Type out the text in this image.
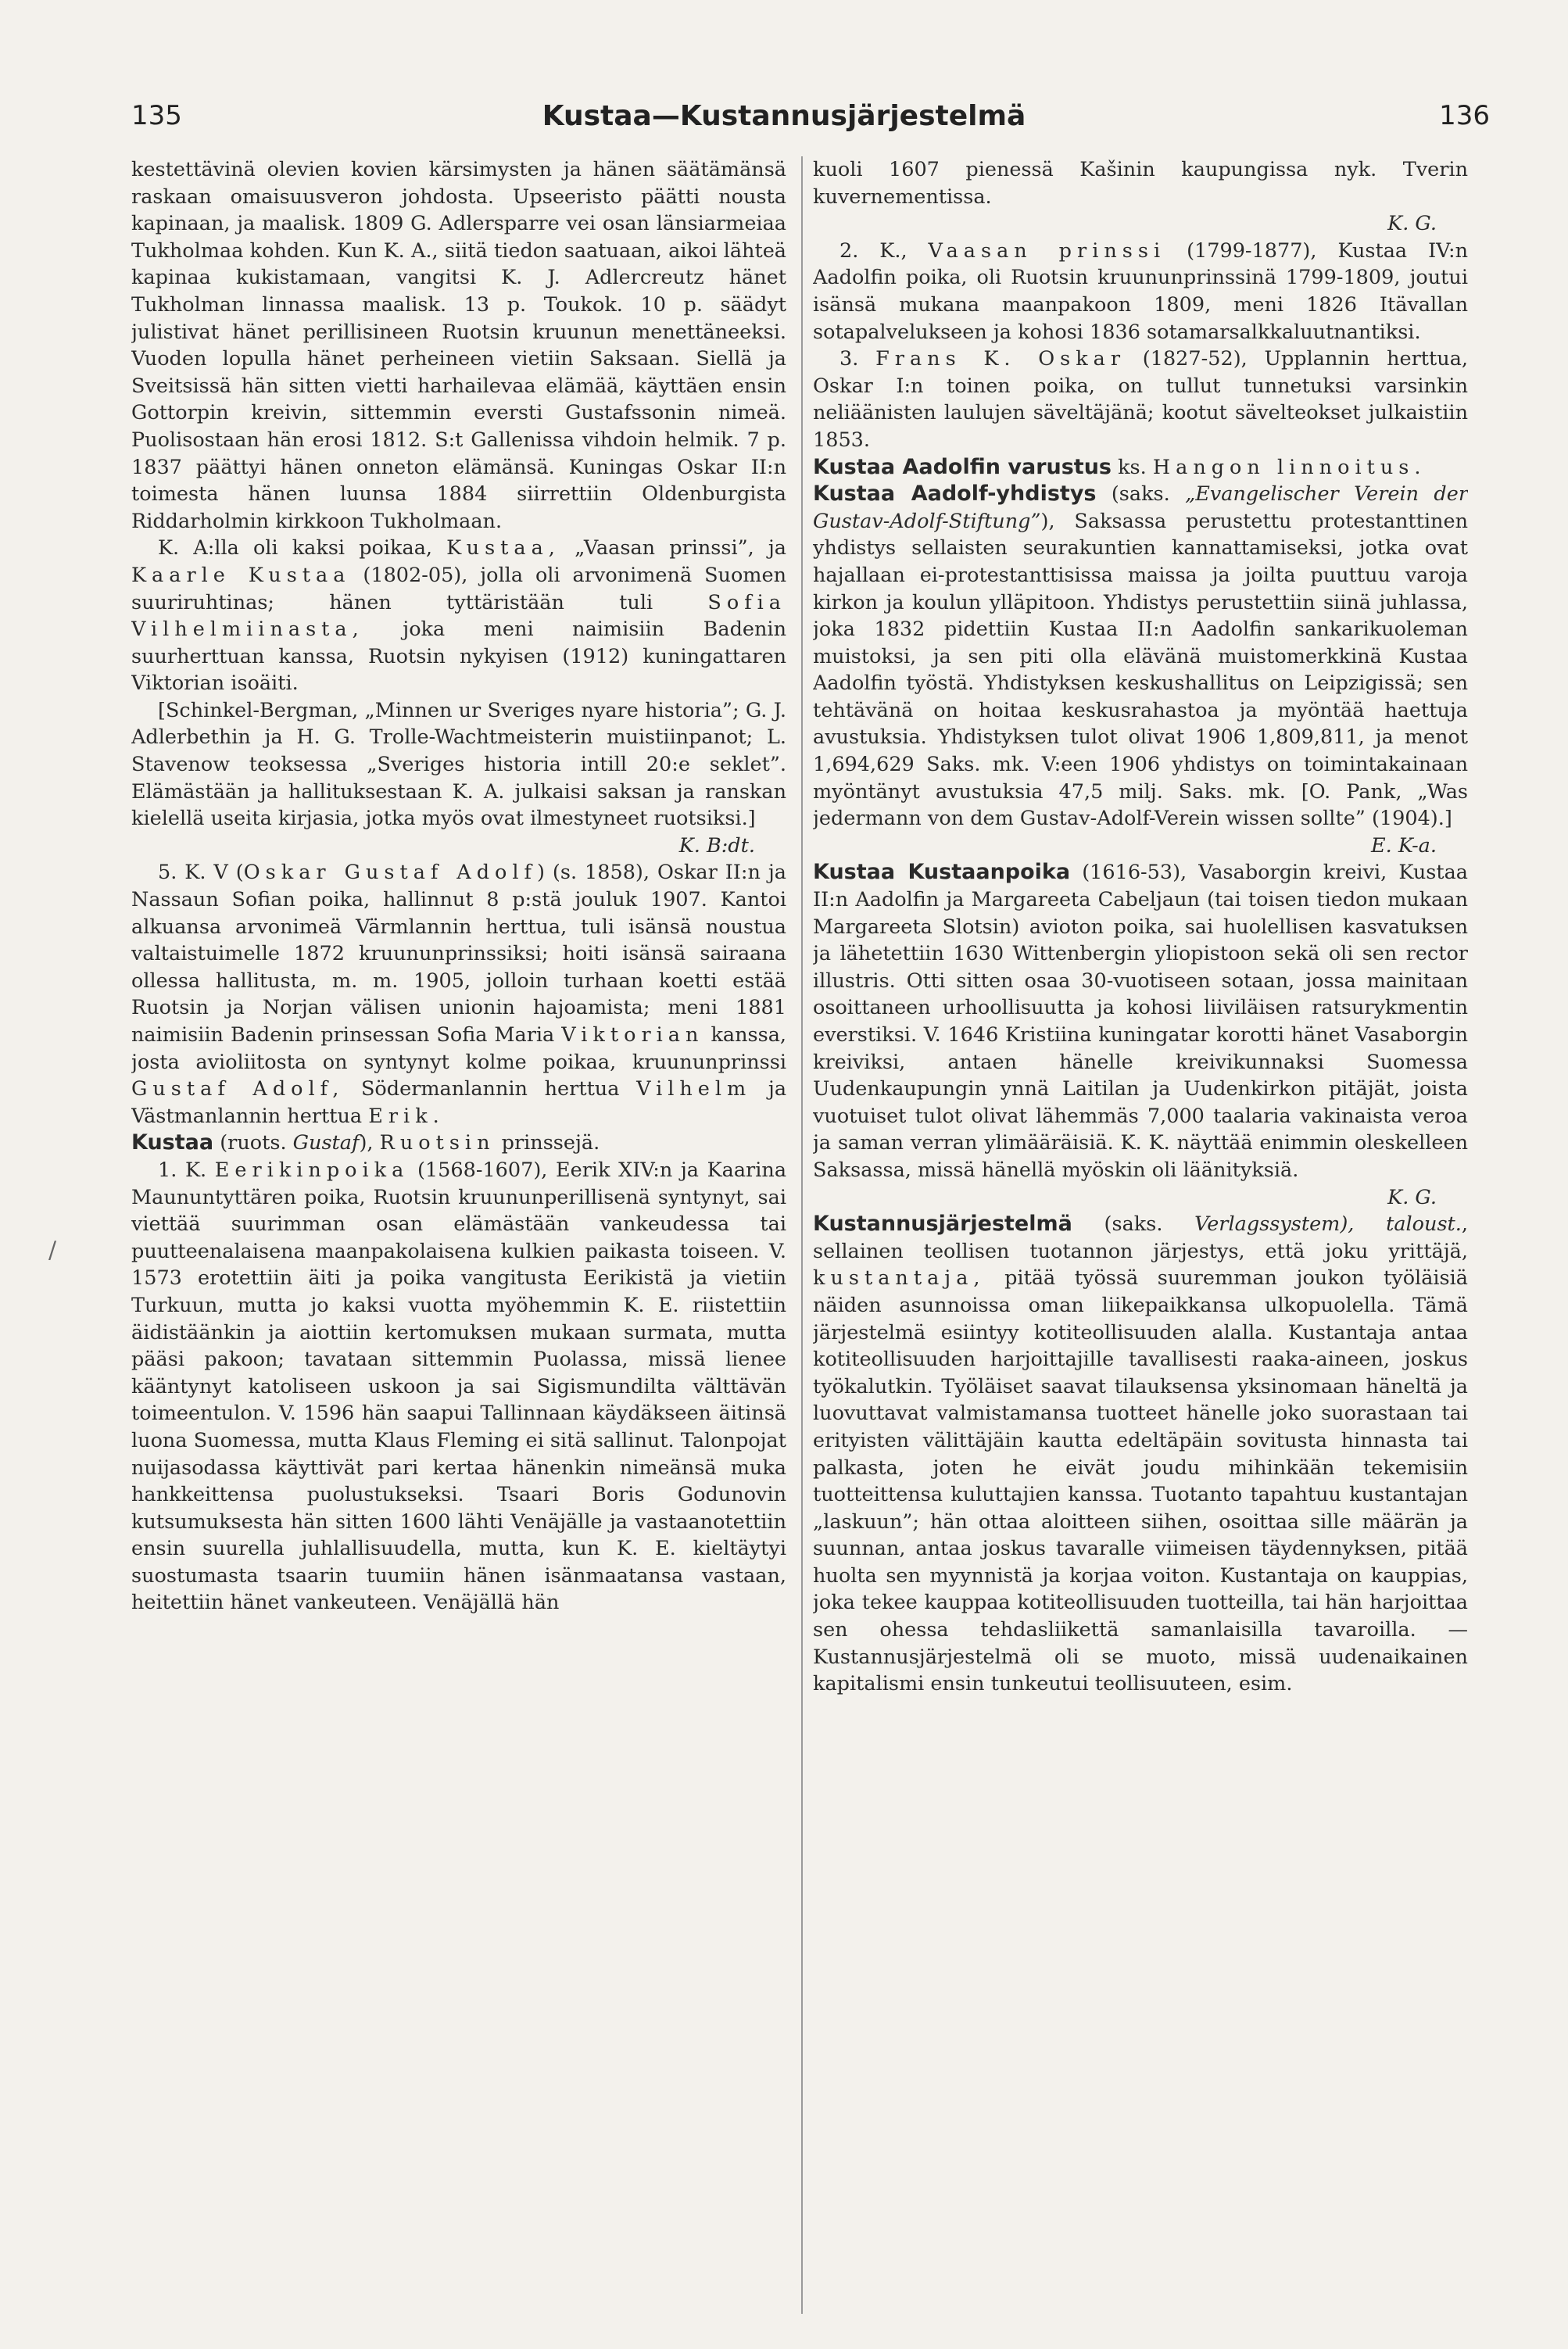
135	Kustaa—Kustannusjärjestelmä	136
/

kestettävinä olevien kovien kärsimysten ja hänen säätämänsä raskaan omaisuusveron johdosta. Upseeristo päätti nousta kapinaan, ja maalisk. 1809 G. Adlersparre vei osan länsiarmeiaa Tukholmaa kohden. Kun K. A., siitä tiedon saatuaan, aikoi lähteä kapinaa kukistamaan, vangitsi K. J. Adlercreutz hänet Tukholman linnassa maalisk. 13 p. Toukok. 10 p. säädyt julistivat hänet perillisineen Ruotsin kruunun menettäneeksi. Vuoden lopulla hänet perheineen vietiin Saksaan. Siellä ja Sveitsissä hän sitten vietti harhailevaa elämää, käyttäen ensin Gottorpin kreivin, sittemmin eversti Gustafssonin nimeä. Puolisostaan hän erosi 1812. S:t Gallenissa vihdoin helmik. 7 p. 1837 päättyi hänen onneton elämänsä. Kuningas Oskar II:n toimesta hänen luunsa 1884 siirrettiin Oldenburgista Riddarholmin kirkkoon Tukholmaan.

K. A:lla oli kaksi poikaa, Kustaa, „Vaasan prinssi”, ja Kaarle Kustaa (1802-05), jolla oli arvonimenä Suomen suuriruhtinas; hänen tyttäristään tuli	Sofia Vilhelmiinasta, joka meni naimisiin Badenin suurherttuan kanssa, Ruotsin nykyisen (1912) kuningattaren Viktorian isoäiti.

[Schinkel-Bergman, „Minnen ur Sveriges nyare historia”; G. J. Adlerbethin ja H. G. Trolle-Wachtmeisterin muistiinpanot; L. Stavenow teoksessa „Sveriges historia intill 20:e seklet”. Elämästään ja hallituksestaan K. A. julkaisi saksan ja ranskan kielellä useita kirjasia, jotka myös ovat ilmestyneet ruotsiksi.]

K. B:dt.

5. K. V (Oskar Gustaf Adolf) (s. 1858), Oskar II:n ja Nassaun Sofian poika, hallinnut 8 p:stä jouluk 1907. Kantoi alkuansa arvonimeä Värmlannin herttua, tuli isänsä noustua valtaistuimelle 1872 kruununprinssiksi; hoiti isänsä sairaana ollessa hallitusta, m. m. 1905, jolloin turhaan koetti estää Ruotsin ja Norjan välisen unionin hajoamista; meni 1881 naimisiin Badenin prinsessan Sofia Maria Viktorian kanssa, josta avioliitosta on syntynyt kolme poikaa, kruununprinssi Gustaf Adolf, Södermanlannin herttua Vilhelm ja Västmanlannin herttua Erik.

Kustaa (ruots. Gustaf), Ruotsin prinssejä.

1. K. Eerikinpoika (1568-1607), Eerik XIV:n ja Kaarina Maununtyttären poika, Ruotsin kruununperillisenä syntynyt, sai viettää suurimman osan elämästään vankeudessa tai puutteenalaisena maanpakolaisena kulkien paikasta toiseen. V. 1573 erotettiin äiti ja poika vangitusta Eerikistä ja vietiin Turkuun, mutta jo kaksi vuotta myöhemmin K. E. riistettiin äidistäänkin ja aiottiin kertomuksen mukaan surmata, mutta pääsi pakoon; tavataan sittemmin Puolassa, missä lienee kääntynyt katoliseen uskoon ja sai Sigismundilta välttävän toimeentulon. V. 1596 hän saapui Tallinnaan käydäkseen äitinsä luona Suomessa, mutta Klaus Fleming ei sitä sallinut. Talonpojat nuijasodassa käyttivät pari kertaa hänenkin nimeänsä muka hankkeittensa puolustukseksi. Tsaari Boris Godunovin kutsumuksesta hän sitten 1600 lähti Venäjälle ja vastaanotettiin ensin suurella juhlallisuudella, mutta, kun K. E. kieltäytyi suostumasta tsaarin tuumiin hänen isänmaatansa vastaan, heitettiin hänet vankeuteen. Venäjällä hän

kuoli 1607 pienessä Kašinin kaupungissa nyk. Tverin kuvernementissa.

K. G.

2. K., Vaasan prinssi (1799-1877), Kustaa IV:n Aadolfin poika, oli Ruotsin kruununprinssinä 1799-1809, joutui isänsä mukana maanpakoon 1809, meni 1826 Itävallan sotapalvelukseen ja kohosi 1836 sotamarsalkkaluutnantiksi.

3. Frans K. Oskar (1827-52), Upplannin herttua, Oskar I:n toinen poika, on tullut tunnetuksi varsinkin neliäänisten laulujen säveltäjänä; kootut sävelteokset julkaistiin 1853.

Kustaa Aadolfin varustus ks. Hangon linnoitus.

Kustaa Aadolf-yhdistys (saks. „Evangelischer Verein der Gustav-Adolf-Stiftung”), Saksassa perustettu protestanttinen yhdistys sellaisten seurakuntien kannattamiseksi, jotka ovat hajallaan ei-protestanttisissa maissa ja joilta puuttuu varoja kirkon ja koulun ylläpitoon. Yhdistys perustettiin siinä juhlassa, joka 1832 pidettiin Kustaa II:n Aadolfin sankarikuoleman muistoksi, ja sen piti olla elävänä muistomerkkinä Kustaa Aadolfin työstä. Yhdistyksen keskushallitus on Leipzigissä; sen tehtävänä on hoitaa keskusrahastoa ja myöntää haettuja avustuksia. Yhdistyksen tulot olivat 1906 1,809,811, ja menot 1,694,629 Saks. mk. V:een 1906 yhdistys on toimintakainaan myöntänyt avustuksia 47,5 milj. Saks. mk. [O. Pank, „Was jedermann von dem Gustav-Adolf-Verein wissen sollte” (1904).]

E. K-a.

Kustaa Kustaanpoika (1616-53), Vasaborgin kreivi, Kustaa II:n Aadolfin ja Margareeta Cabeljaun (tai toisen tiedon mukaan Margareeta Slotsin) avioton poika, sai huolellisen kasvatuksen ja lähetettiin 1630 Wittenbergin yliopistoon sekä oli sen rector illustris. Otti sitten osaa 30-vuotiseen sotaan, jossa mainitaan osoittaneen urhoollisuutta ja kohosi liiviläisen ratsurykmentin everstiksi. V. 1646 Kristiina kuningatar korotti hänet Vasaborgin kreiviksi, antaen hänelle kreivikunnaksi Suomessa Uudenkaupungin ynnä Laitilan ja Uudenkirkon pitäjät, joista vuotuiset tulot olivat lähemmäs 7,000 taalaria vakinaista veroa ja saman verran ylimääräisiä. K. K. näyttää enimmin oleskelleen Saksassa, missä hänellä myöskin oli läänityksiä.

K. G.

Kustannusjärjestelmä (saks. Verlagssystem), taloust., sellainen teollisen tuotannon järjestys, että joku yrittäjä, kustantaja, pitää työssä suuremman joukon työläisiä näiden asunnoissa oman liikepaikkansa ulkopuolella. Tämä järjestelmä esiintyy kotiteollisuuden alalla. Kustantaja antaa kotiteollisuuden harjoittajille tavallisesti raaka-aineen, joskus työkalutkin. Työläiset saavat tilauksensa yksinomaan häneltä ja luovuttavat valmistamansa tuotteet hänelle joko suorastaan tai erityisten välittäjäin kautta edeltäpäin sovitusta hinnasta tai palkasta, joten he eivät joudu mihinkään tekemisiin tuotteittensa kuluttajien kanssa. Tuotanto tapahtuu kustantajan „laskuun”; hän ottaa aloitteen siihen, osoittaa sille määrän ja suunnan, antaa joskus tavaralle viimeisen täydennyksen, pitää huolta sen myynnistä ja korjaa voiton. Kustantaja on kauppias, joka tekee kauppaa kotiteollisuuden tuotteilla, tai hän harjoittaa sen ohessa tehdasliikettä samanlaisilla tavaroilla. — Kustannusjärjestelmä oli se muoto, missä uudenaikainen kapitalismi ensin tunkeutui teollisuuteen, esim.
